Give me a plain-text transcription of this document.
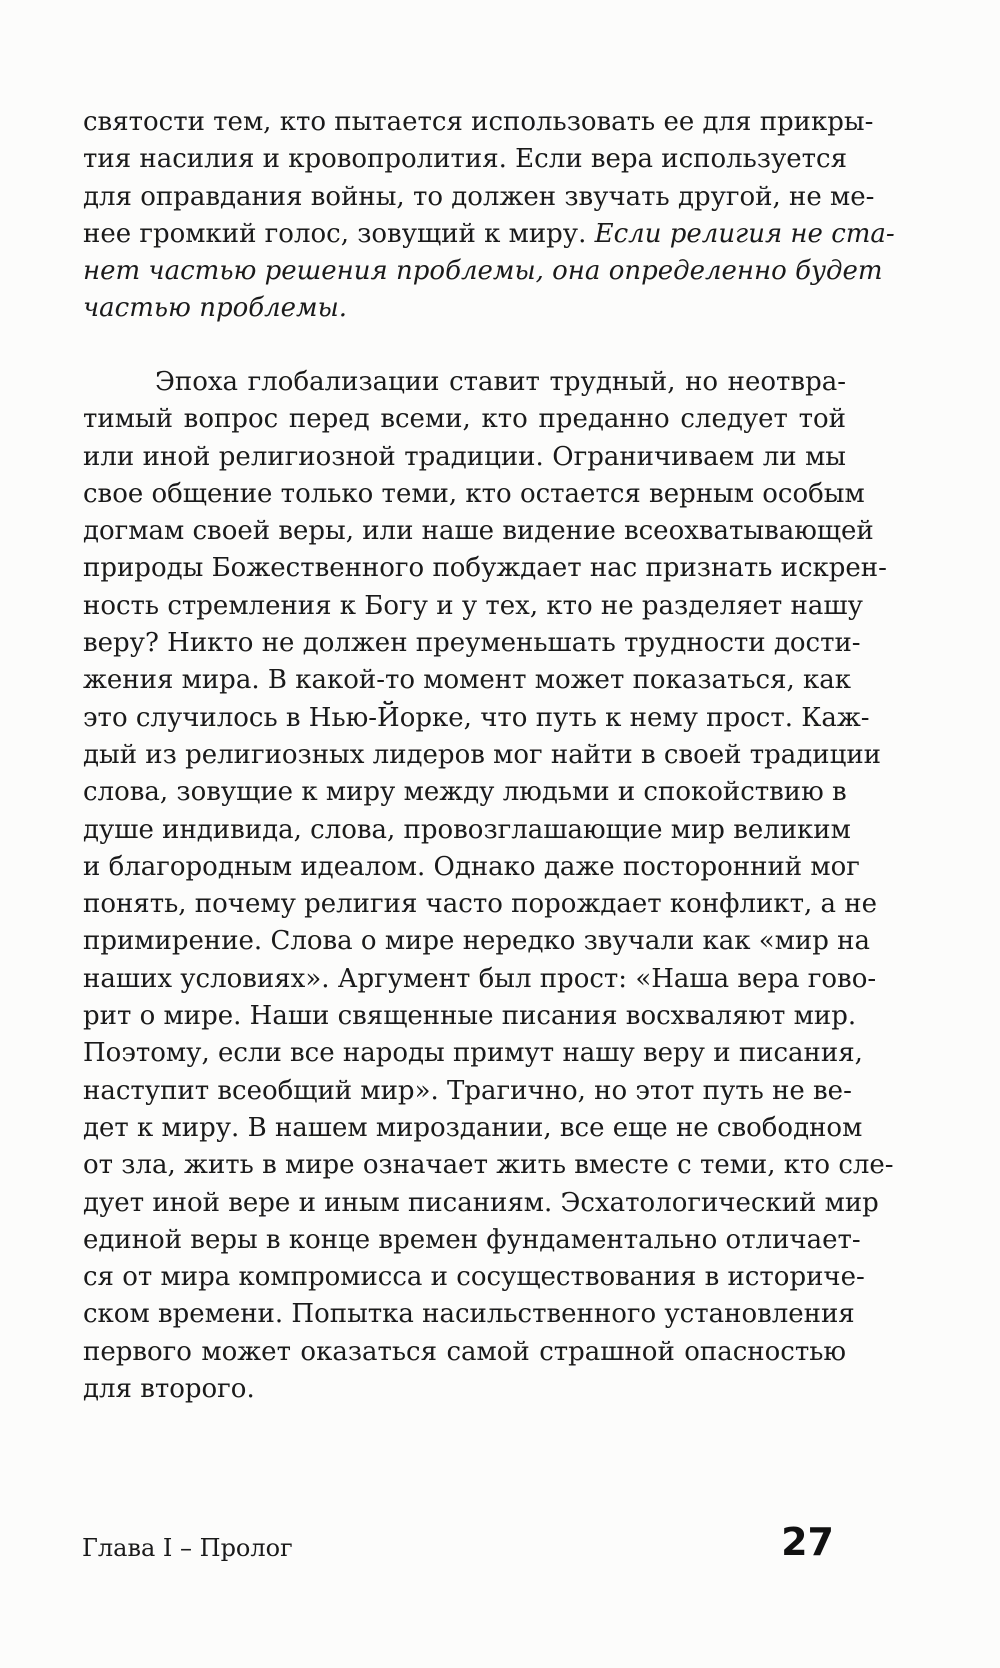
святости тем, кто пытается использовать ее для прикры-
тия насилия и кровопролития. Если вера используется
для оправдания войны, то должен звучать другой, не ме-
нее громкий голос, зовущий к миру. Если религия не ста-
нет частью решения проблемы, она определенно будет
частью проблемы.
Эпоха глобализации ставит трудный, но неотвра-
тимый вопрос перед всеми, кто преданно следует той
или иной религиозной традиции. Ограничиваем ли мы
свое общение только теми, кто остается верным особым
догмам своей веры, или наше видение всеохватывающей
природы Божественного побуждает нас признать искрен-
ность стремления к Богу и у тех, кто не разделяет нашу
веру? Никто не должен преуменьшать трудности дости-
жения мира. В какой-то момент может показаться, как
это случилось в Нью-Йорке, что путь к нему прост. Каж-
дый из религиозных лидеров мог найти в своей традиции
слова, зовущие к миру между людьми и спокойствию в
душе индивида, слова, провозглашающие мир великим
и благородным идеалом. Однако даже посторонний мог
понять, почему религия часто порождает конфликт, а не
примирение. Слова о мире нередко звучали как «мир на
наших условиях». Аргумент был прост: «Наша вера гово-
рит о мире. Наши священные писания восхваляют мир.
Поэтому, если все народы примут нашу веру и писания,
наступит всеобщий мир». Трагично, но этот путь не ве-
дет к миру. В нашем мироздании, все еще не свободном
от зла, жить в мире означает жить вместе с теми, кто сле-
дует иной вере и иным писаниям. Эсхатологический мир
единой веры в конце времен фундаментально отличает-
ся от мира компромисса и сосуществования в историче-
ском времени. Попытка насильственного установления
первого может оказаться самой страшной опасностью
для второго.
Глава I – Пролог	27
